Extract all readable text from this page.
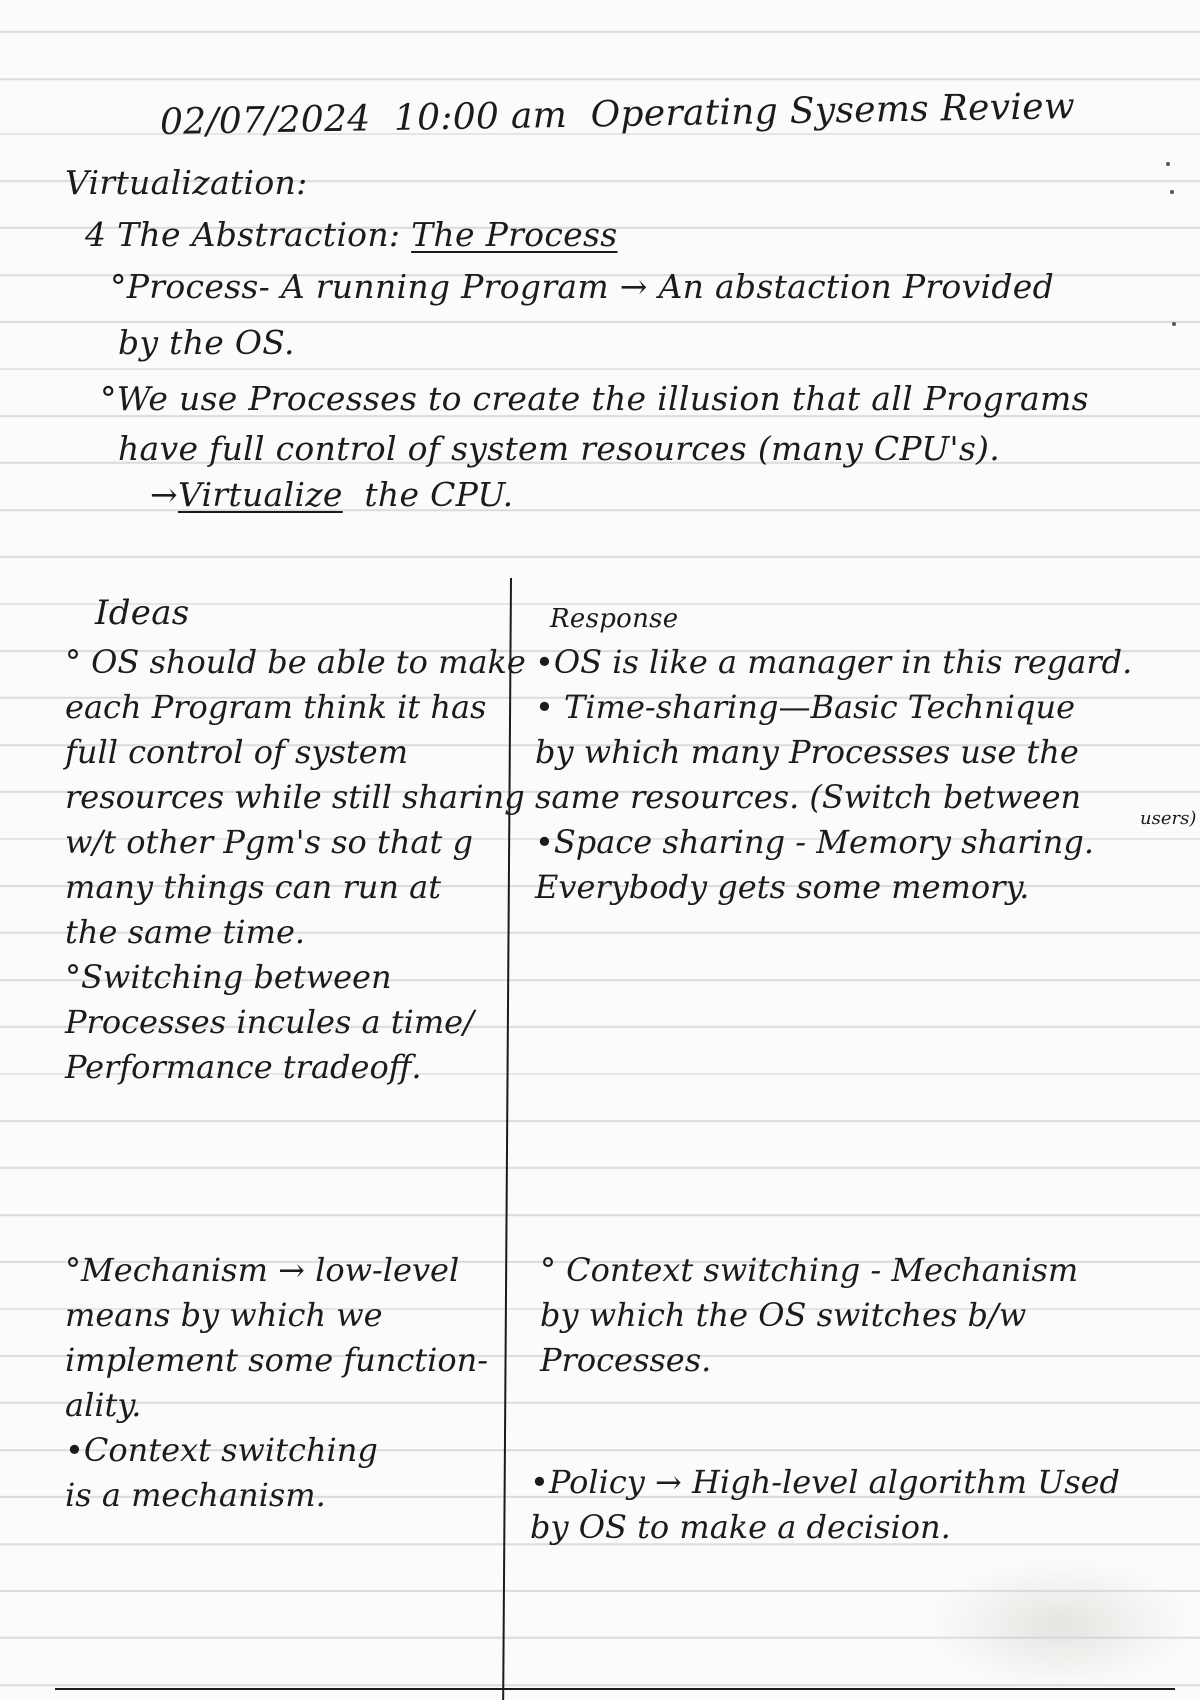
02/07/2024 10:00 am Operating Sysems Review
Virtualization:
4 The Abstraction: The Process
°Process- A running Program → An abstaction Provided
by the OS.
°We use Processes to create the illusion that all Programs
have full control of system resources (many CPU's).
→Virtualize the CPU.
Ideas	Response
° OS should be able to make
each Program think it has
full control of system
resources while still sharing
w/t other Pgm's so that g
many things can run at
the same time.
°Switching between
Processes incules a time/
Performance tradeoff.
•OS is like a manager in this regard.
• Time-sharing—Basic Technique
by which many Processes use the
same resources. (Switch between
•Space sharing - Memory sharing.
Everybody gets some memory.
users)
°Mechanism → low-level
means by which we
implement some function-
ality.
•Context switching
is a mechanism.
° Context switching - Mechanism
by which the OS switches b/w
Processes.
•Policy → High-level algorithm Used
by OS to make a decision.
